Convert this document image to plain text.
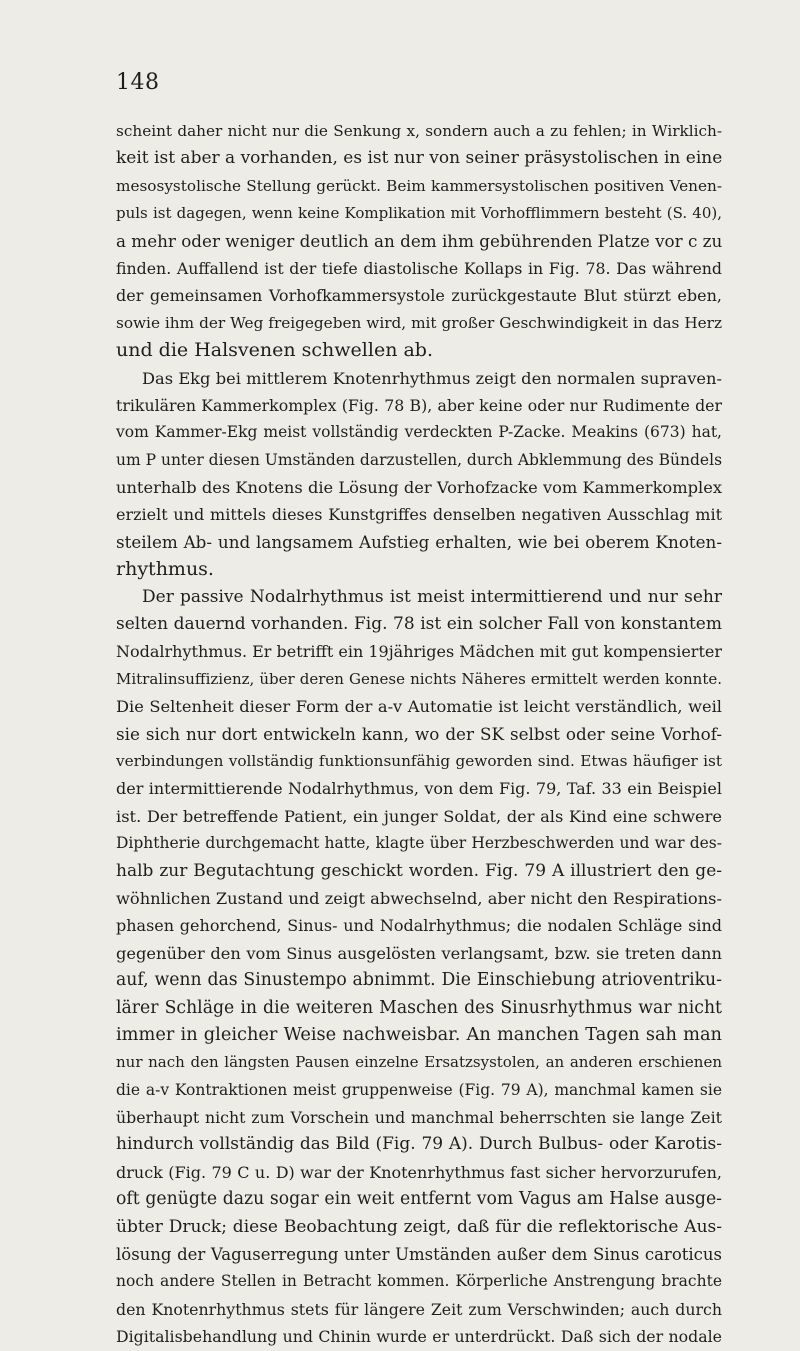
148
scheint daher nicht nur die Senkung x, sondern auch a zu fehlen; in Wirklich-
keit ist aber a vorhanden, es ist nur von seiner präsystolischen in eine
mesosystolische Stellung gerückt. Beim kammersystolischen positiven Venen-
puls ist dagegen, wenn keine Komplikation mit Vorhofflimmern besteht (S. 40),
a mehr oder weniger deutlich an dem ihm gebührenden Platze vor c zu
finden. Auffallend ist der tiefe diastolische Kollaps in Fig. 78. Das während
der gemeinsamen Vorhofkammersystole zurückgestaute Blut stürzt eben,
sowie ihm der Weg freigegeben wird, mit großer Geschwindigkeit in das Herz
und die Halsvenen schwellen ab.
Das Ekg bei mittlerem Knotenrhythmus zeigt den normalen supraven-
trikulären Kammerkomplex (Fig. 78 B), aber keine oder nur Rudimente der
vom Kammer-Ekg meist vollständig verdeckten P-Zacke. Meakins (673) hat,
um P unter diesen Umständen darzustellen, durch Abklemmung des Bündels
unterhalb des Knotens die Lösung der Vorhofzacke vom Kammerkomplex
erzielt und mittels dieses Kunstgriffes denselben negativen Ausschlag mit
steilem Ab- und langsamem Aufstieg erhalten, wie bei oberem Knoten-
rhythmus.
Der passive Nodalrhythmus ist meist intermittierend und nur sehr
selten dauernd vorhanden. Fig. 78 ist ein solcher Fall von konstantem
Nodalrhythmus. Er betrifft ein 19jähriges Mädchen mit gut kompensierter
Mitralinsuffizienz, über deren Genese nichts Näheres ermittelt werden konnte.
Die Seltenheit dieser Form der a-v Automatie ist leicht verständlich, weil
sie sich nur dort entwickeln kann, wo der SK selbst oder seine Vorhof-
verbindungen vollständig funktionsunfähig geworden sind. Etwas häufiger ist
der intermittierende Nodalrhythmus, von dem Fig. 79, Taf. 33 ein Beispiel
ist. Der betreffende Patient, ein junger Soldat, der als Kind eine schwere
Diphtherie durchgemacht hatte, klagte über Herzbeschwerden und war des-
halb zur Begutachtung geschickt worden. Fig. 79 A illustriert den ge-
wöhnlichen Zustand und zeigt abwechselnd, aber nicht den Respirations-
phasen gehorchend, Sinus- und Nodalrhythmus; die nodalen Schläge sind
gegenüber den vom Sinus ausgelösten verlangsamt, bzw. sie treten dann
auf, wenn das Sinustempo abnimmt. Die Einschiebung atrioventriku-
lärer Schläge in die weiteren Maschen des Sinusrhythmus war nicht
immer in gleicher Weise nachweisbar. An manchen Tagen sah man
nur nach den längsten Pausen einzelne Ersatzsystolen, an anderen erschienen
die a-v Kontraktionen meist gruppenweise (Fig. 79 A), manchmal kamen sie
überhaupt nicht zum Vorschein und manchmal beherrschten sie lange Zeit
hindurch vollständig das Bild (Fig. 79 A). Durch Bulbus- oder Karotis-
druck (Fig. 79 C u. D) war der Knotenrhythmus fast sicher hervorzurufen,
oft genügte dazu sogar ein weit entfernt vom Vagus am Halse ausge-
übter Druck; diese Beobachtung zeigt, daß für die reflektorische Aus-
lösung der Vaguserregung unter Umständen außer dem Sinus caroticus
noch andere Stellen in Betracht kommen. Körperliche Anstrengung brachte
den Knotenrhythmus stets für längere Zeit zum Verschwinden; auch durch
Digitalisbehandlung und Chinin wurde er unterdrückt. Daß sich der nodale
